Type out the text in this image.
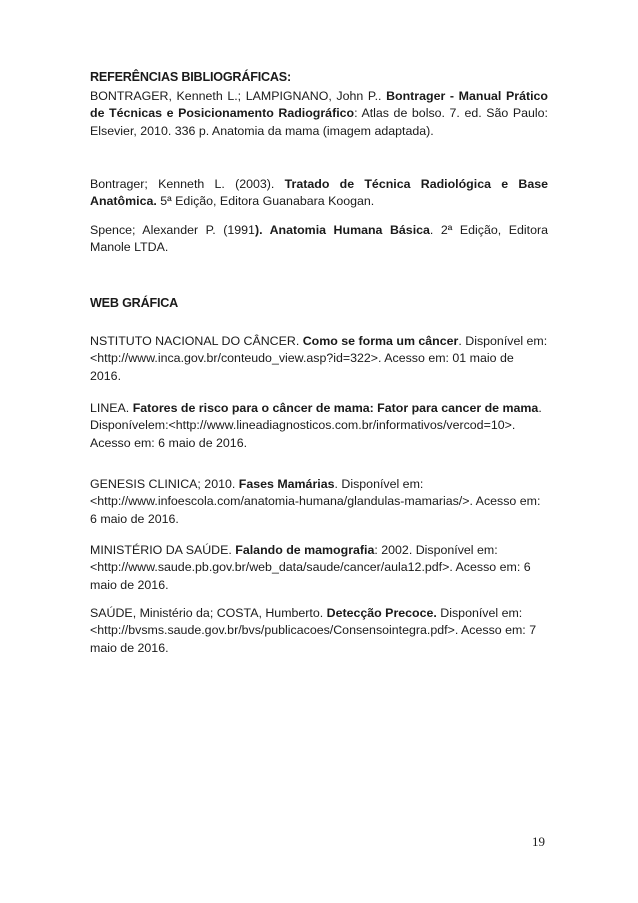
REFERÊNCIAS BIBLIOGRÁFICAS:

BONTRAGER, Kenneth L.; LAMPIGNANO, John P.. Bontrager - Manual Prático de Técnicas e Posicionamento Radiográfico: Atlas de bolso. 7. ed. São Paulo: Elsevier, 2010. 336 p. Anatomia da mama (imagem adaptada).

Bontrager; Kenneth L. (2003). Tratado de Técnica Radiológica e Base Anatômica. 5ª Edição, Editora Guanabara Koogan.

Spence; Alexander P. (1991). Anatomia Humana Básica. 2ª Edição, Editora Manole LTDA.

WEB GRÁFICA

NSTITUTO NACIONAL DO CÂNCER. Como se forma um câncer. Disponível em: <http://www.inca.gov.br/conteudo_view.asp?id=322>. Acesso em: 01 maio de 2016.

LINEA. Fatores de risco para o câncer de mama: Fator para cancer de mama. Disponívelem:<http://www.lineadiagnosticos.com.br/informativos/vercod=10>. Acesso em: 6 maio de 2016.

GENESIS CLINICA; 2010. Fases Mamárias. Disponível em: <http://www.infoescola.com/anatomia-humana/glandulas-mamarias/>. Acesso em: 6 maio de 2016.

MINISTÉRIO DA SAÚDE. Falando de mamografia: 2002. Disponível em: <http://www.saude.pb.gov.br/web_data/saude/cancer/aula12.pdf>. Acesso em: 6 maio de 2016.

SAÚDE, Ministério da; COSTA, Humberto. Detecção Precoce. Disponível em: <http://bvsms.saude.gov.br/bvs/publicacoes/Consensointegra.pdf>. Acesso em: 7 maio de 2016.

19
